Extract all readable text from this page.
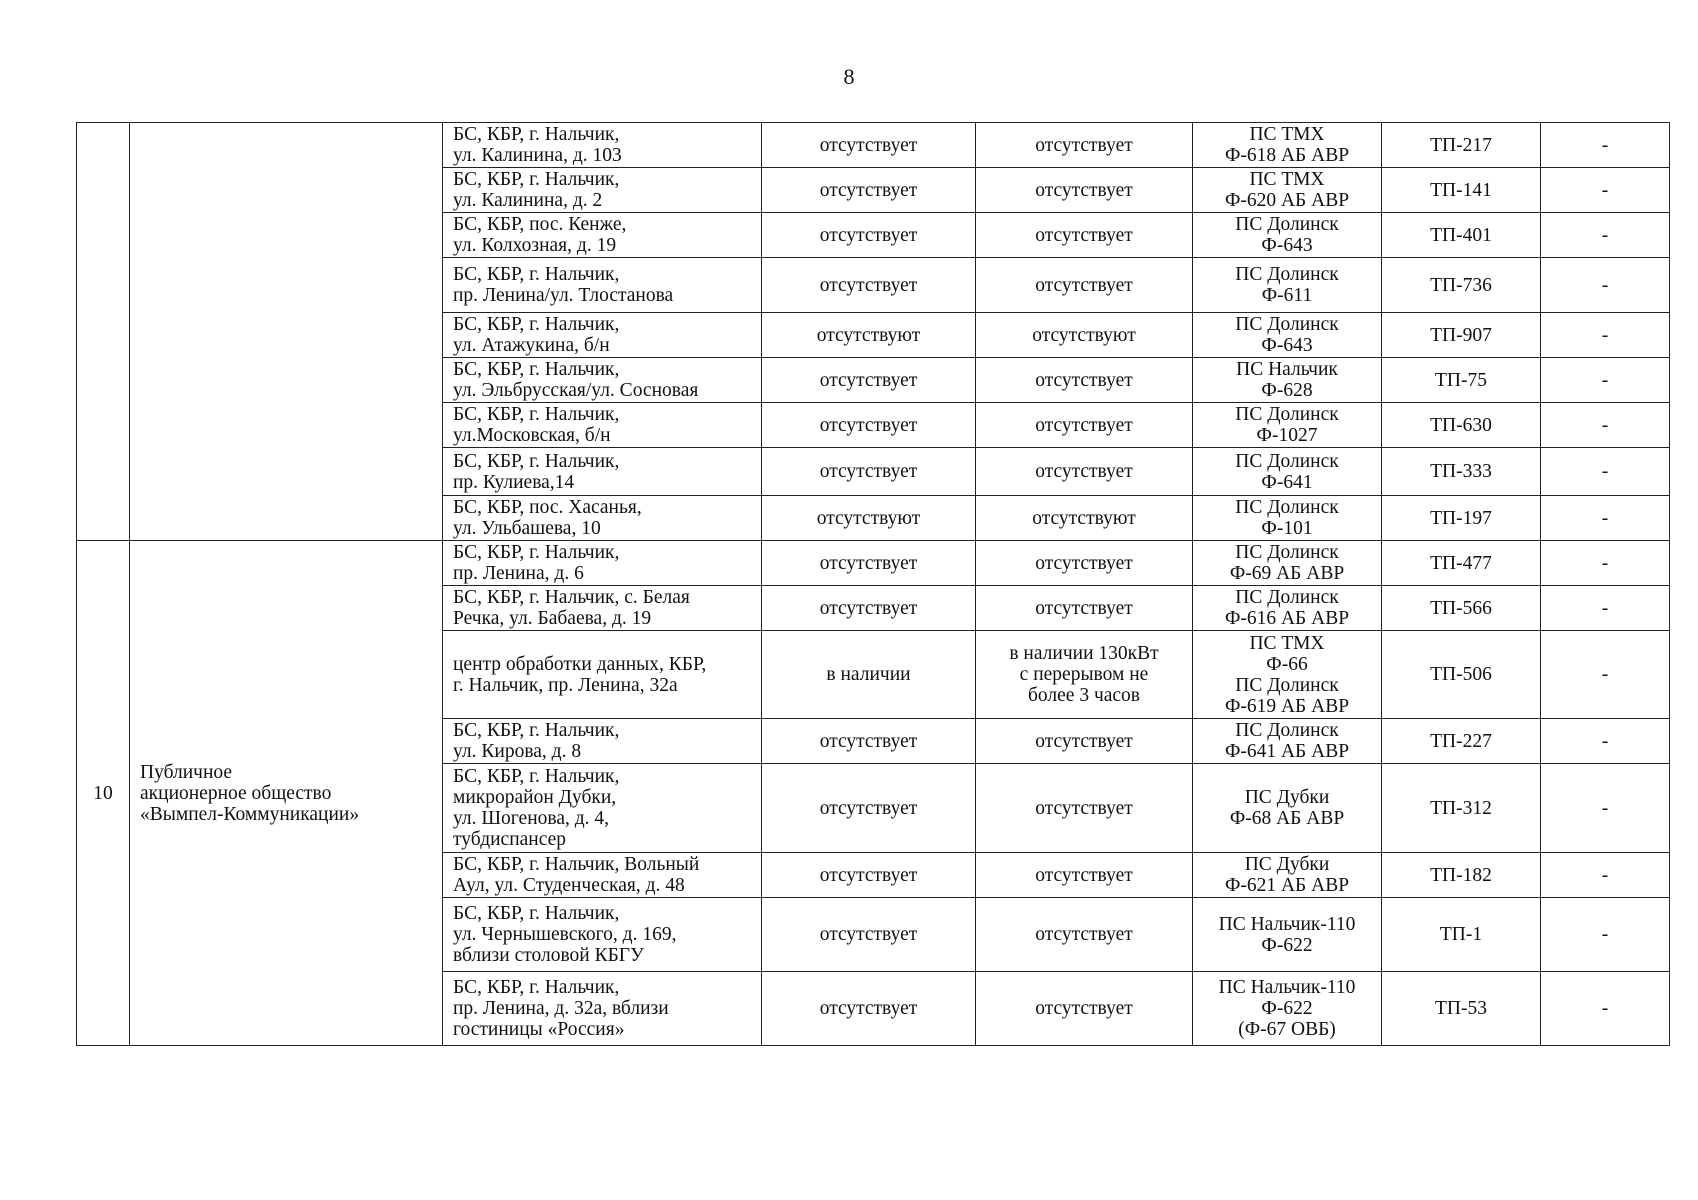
8

		БС, КБР, г. Нальчик,
ул. Калинина, д. 103	отсутствует	отсутствует	ПС ТМХ
Ф-618 АБ АВР	ТП-217	-

		БС, КБР, г. Нальчик,
ул. Калинина, д. 2	отсутствует	отсутствует	ПС ТМХ
Ф-620 АБ АВР	ТП-141	-

		БС, КБР, пос. Кенже,
ул. Колхозная, д. 19	отсутствует	отсутствует	ПС Долинск
Ф-643	ТП-401	-

		БС, КБР, г. Нальчик,
пр. Ленина/ул. Тлостанова	отсутствует	отсутствует	ПС Долинск
Ф-611	ТП-736	-

		БС, КБР, г. Нальчик,
ул. Атажукина, б/н	отсутствуют	отсутствуют	ПС Долинск
Ф-643	ТП-907	-

		БС, КБР, г. Нальчик,
ул. Эльбрусская/ул. Сосновая	отсутствует	отсутствует	ПС Нальчик
Ф-628	ТП-75	-

		БС, КБР, г. Нальчик,
ул.Московская, б/н	отсутствует	отсутствует	ПС Долинск
Ф-1027	ТП-630	-

		БС, КБР, г. Нальчик,
пр. Кулиева,14	отсутствует	отсутствует	ПС Долинск
Ф-641	ТП-333	-

		БС, КБР, пос. Хасанья,
ул. Ульбашева, 10	отсутствуют	отсутствуют	ПС Долинск
Ф-101	ТП-197	-
10	Публичное
акционерное общество
«Вымпел-Коммуникации»	БС, КБР, г. Нальчик,
пр. Ленина, д. 6	отсутствует	отсутствует	ПС Долинск
Ф-69 АБ АВР	ТП-477	-

		БС, КБР, г. Нальчик, с. Белая
Речка, ул. Бабаева, д. 19	отсутствует	отсутствует	ПС Долинск
Ф-616 АБ АВР	ТП-566	-

		центр обработки данных, КБР,
г. Нальчик, пр. Ленина, 32а	в наличии	в наличии 130кВт
с перерывом не
более 3 часов	ПС ТМХ
Ф-66
ПС Долинск
Ф-619 АБ АВР	ТП-506	-

		БС, КБР, г. Нальчик,
ул. Кирова, д. 8	отсутствует	отсутствует	ПС Долинск
Ф-641 АБ АВР	ТП-227	-

		БС, КБР, г. Нальчик,
микрорайон Дубки,
ул. Шогенова, д. 4,
тубдиспансер	отсутствует	отсутствует	ПС Дубки
Ф-68 АБ АВР	ТП-312	-

		БС, КБР, г. Нальчик, Вольный
Аул, ул. Студенческая, д. 48	отсутствует	отсутствует	ПС Дубки
Ф-621 АБ АВР	ТП-182	-

		БС, КБР, г. Нальчик,
ул. Чернышевского, д. 169,
вблизи столовой КБГУ	отсутствует	отсутствует	ПС Нальчик-110
Ф-622	ТП-1	-

		БС, КБР, г. Нальчик,
пр. Ленина, д. 32а, вблизи
гостиницы «Россия»	отсутствует	отсутствует	ПС Нальчик-110
Ф-622
(Ф-67 ОВБ)	ТП-53	-
